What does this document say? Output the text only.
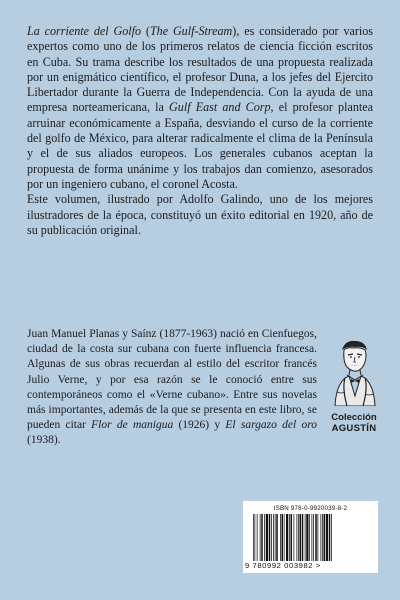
La corriente del Golfo (The Gulf-Stream), es considerado por varios expertos como uno de los primeros relatos de ciencia ficción escritos en Cuba. Su trama describe los resultados de una propuesta realizada por un enigmático científico, el profesor Duna, a los jefes del Ejercito Libertador durante la Guerra de Independencia. Con la ayuda de una empresa norteamericana, la Gulf East and Corp, el profesor plantea arruinar económicamente a España, desviando el curso de la corriente del golfo de México, para alterar radicalmente el clima de la Península y el de sus aliados europeos. Los generales cubanos aceptan la propuesta de forma unánime y los trabajos dan comienzo, asesorados por un ingeniero cubano, el coronel Acosta.

Este volumen, ilustrado por Adolfo Galindo, uno de los mejores ilustradores de la época, constituyó un éxito editorial en 1920, año de su publicación original.

Juan Manuel Planas y Saínz (1877-1963) nació en Cienfuegos, ciudad de la costa sur cubana con fuerte influencia francesa. Algunas de sus obras recuerdan al estilo del escritor francés Julio Verne, y por esa razón se le conoció entre sus contemporáneos como el «Verne cubano». Entre sus novelas más importantes, además de la que se presenta en este libro, se pueden citar Flor de manigua (1926) y El sargazo del oro (1938).

Colección
AGUSTÍN
ISBN 978-0-9920039-8-2
9 780992 003982 >
